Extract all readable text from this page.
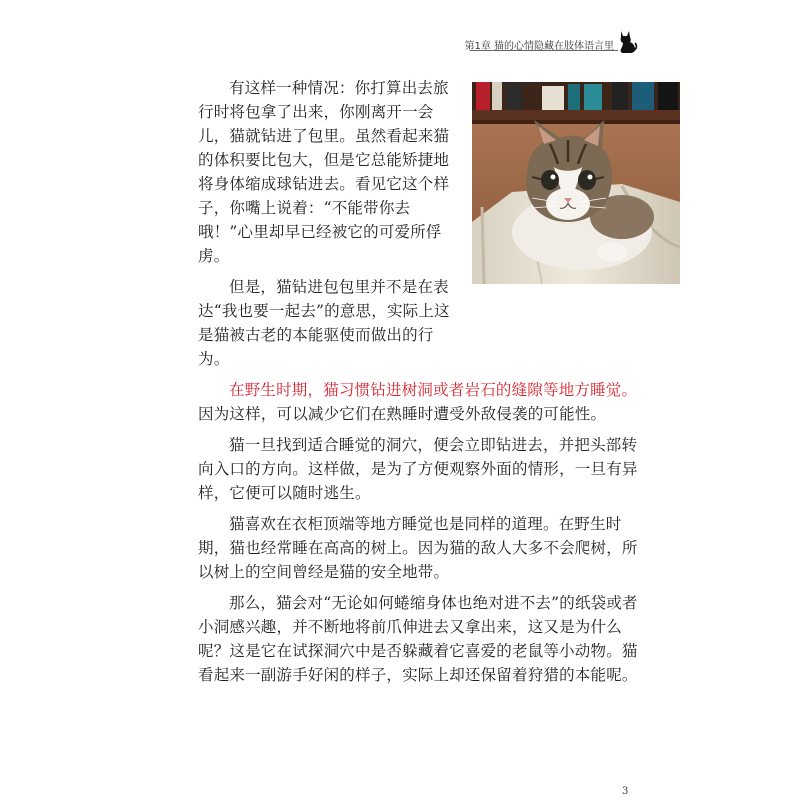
第1章 猫的心情隐藏在肢体语言里

有这样一种情况：你打算出去旅行时将包拿了出来，你刚离开一会儿，猫就钻进了包里。虽然看起来猫的体积要比包大，但是它总能矫捷地将身体缩成球钻进去。看见它这个样子，你嘴上说着：“不能带你去哦！”心里却早已经被它的可爱所俘虏。

但是，猫钻进包包里并不是在表达“我也要一起去”的意思，实际上这是猫被古老的本能驱使而做出的行为。

在野生时期，猫习惯钻进树洞或者岩石的缝隙等地方睡觉。因为这样，可以减少它们在熟睡时遭受外敌侵袭的可能性。

猫一旦找到适合睡觉的洞穴，便会立即钻进去，并把头部转向入口的方向。这样做，是为了方便观察外面的情形，一旦有异样，它便可以随时逃生。

猫喜欢在衣柜顶端等地方睡觉也是同样的道理。在野生时期，猫也经常睡在高高的树上。因为猫的敌人大多不会爬树，所以树上的空间曾经是猫的安全地带。

那么，猫会对“无论如何蜷缩身体也绝对进不去”的纸袋或者小洞感兴趣，并不断地将前爪伸进去又拿出来，这又是为什么呢？这是它在试探洞穴中是否躲藏着它喜爱的老鼠等小动物。猫看起来一副游手好闲的样子，实际上却还保留着狩猎的本能呢。

3
